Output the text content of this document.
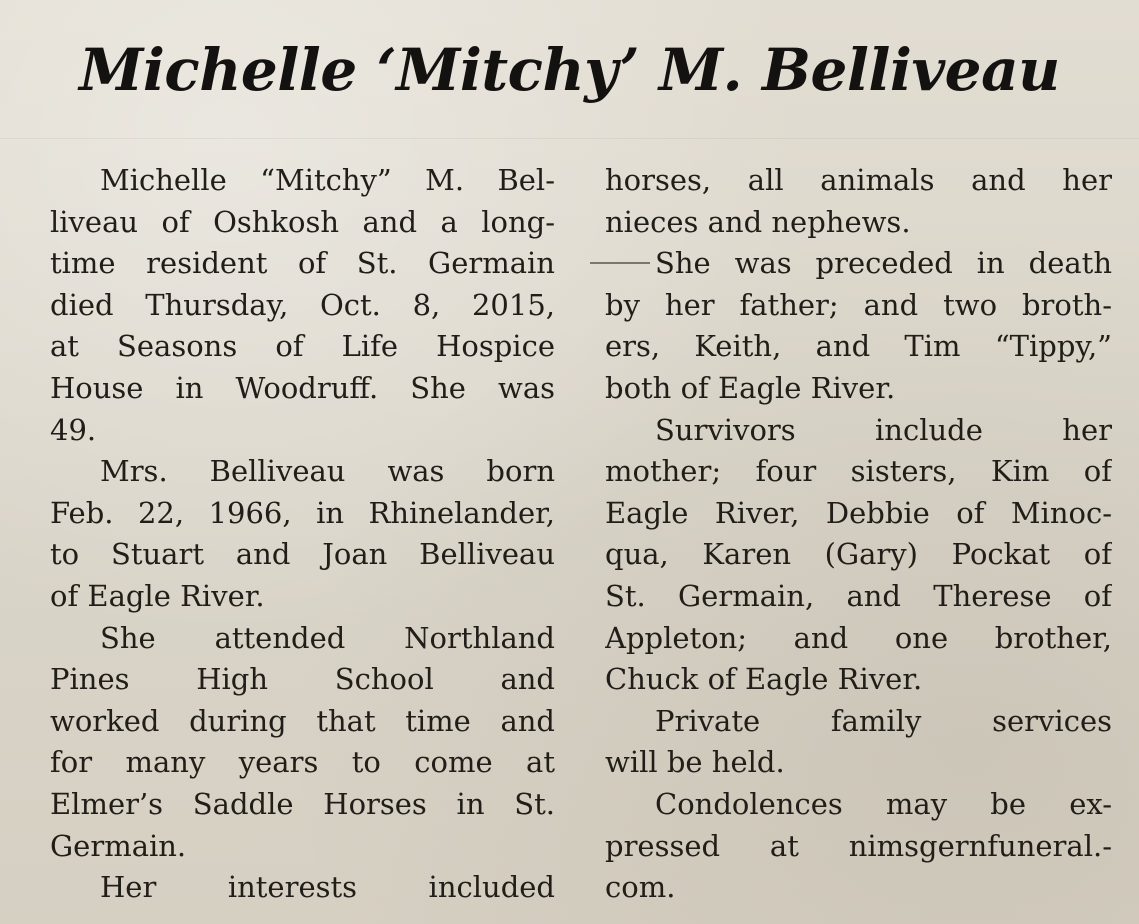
Michelle ‘Mitchy’ M. Belliveau
Michelle “Mitchy” M. Bel-
liveau of Oshkosh and a long-
time resident of St. Germain
died Thursday, Oct. 8, 2015,
at Seasons of Life Hospice
House in Woodruff. She was
49.
Mrs. Belliveau was born
Feb. 22, 1966, in Rhinelander,
to Stuart and Joan Belliveau
of Eagle River.
She attended Northland
Pines High School and
worked during that time and
for many years to come at
Elmer’s Saddle Horses in St.
Germain.
Her interests included
horses, all animals and her
nieces and nephews.
She was preceded in death
by her father; and two broth-
ers, Keith, and Tim “Tippy,”
both of Eagle River.
Survivors include her
mother; four sisters, Kim of
Eagle River, Debbie of Minoc-
qua, Karen (Gary) Pockat of
St. Germain, and Therese of
Appleton; and one brother,
Chuck of Eagle River.
Private family services
will be held.
Condolences may be ex-
pressed at nimsgernfuneral.-
com.
